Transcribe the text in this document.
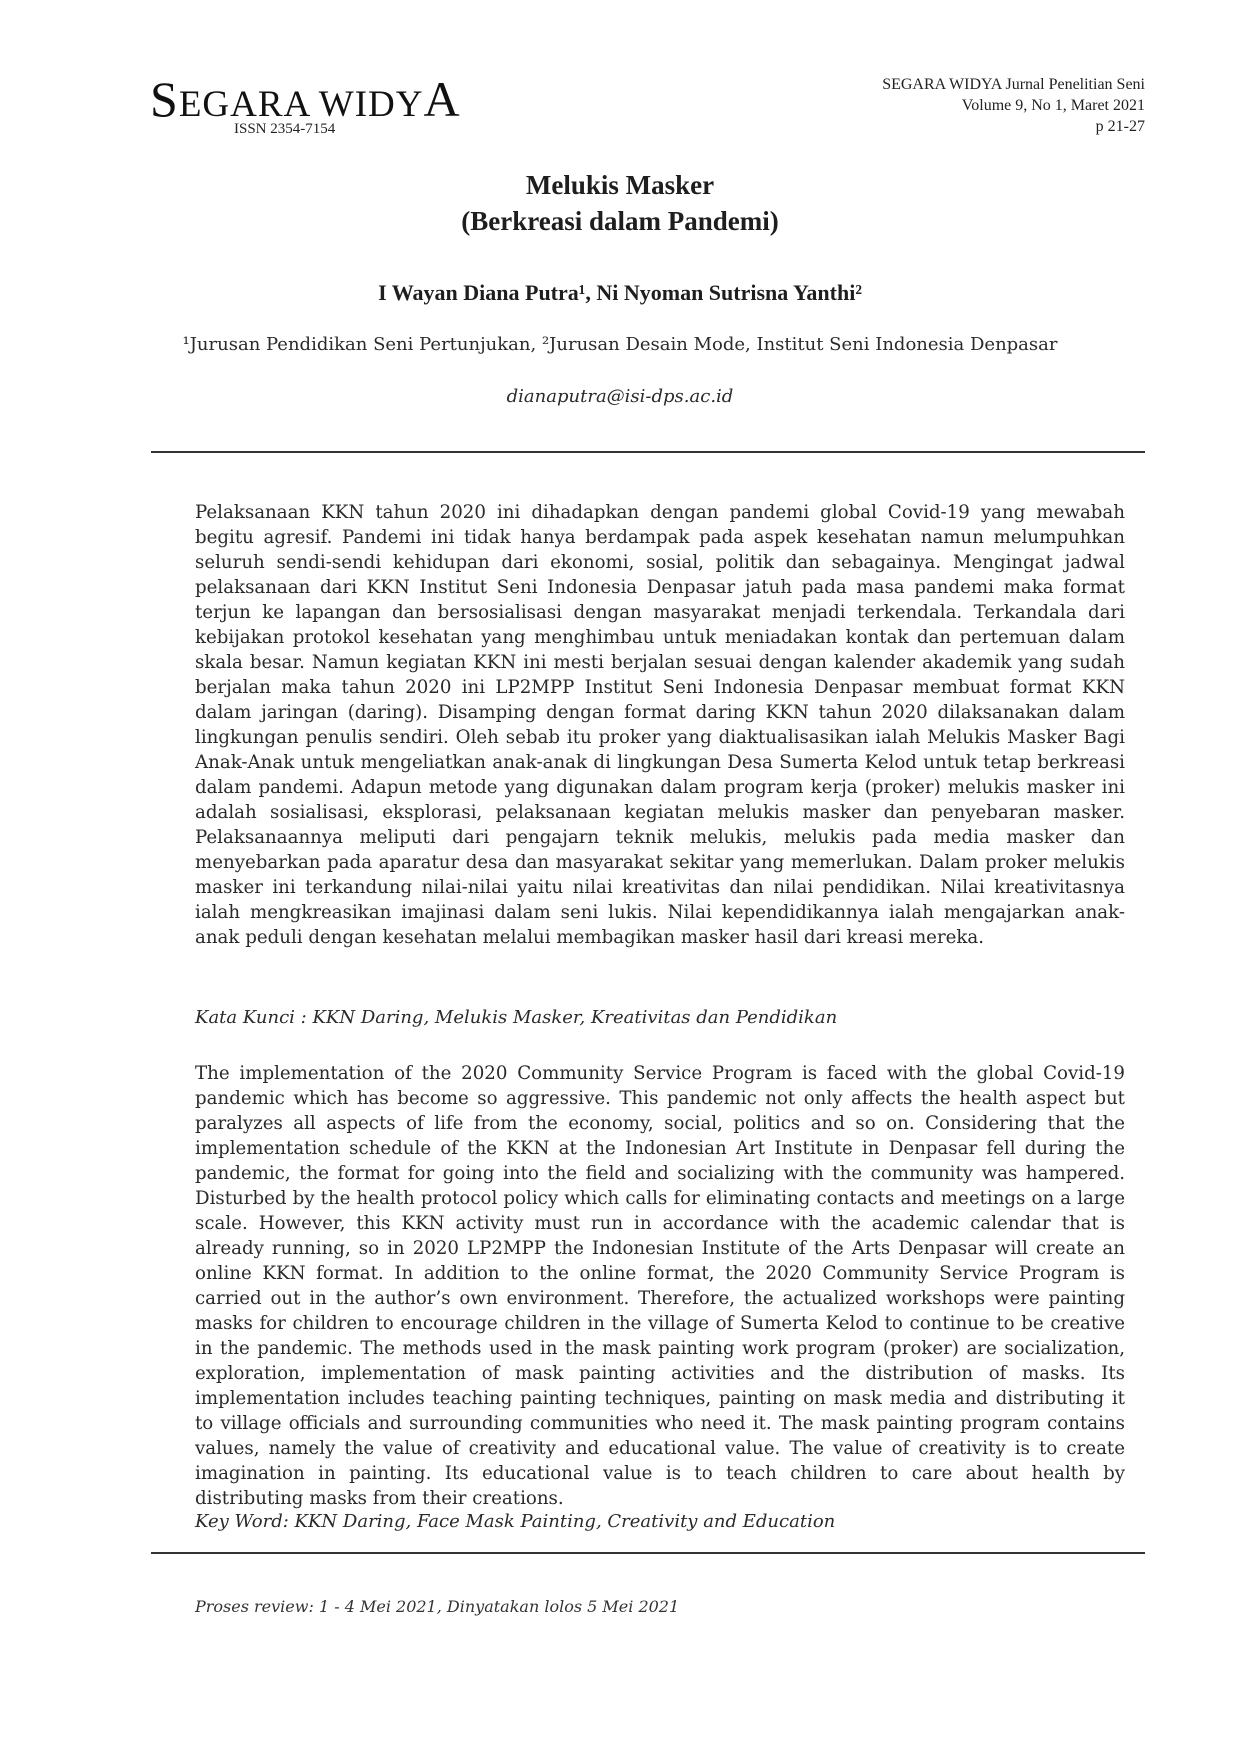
SEGARA WIDYA
ISSN 2354-7154
SEGARA WIDYA Jurnal Penelitian Seni
Volume 9, No 1, Maret 2021
p 21-27
Melukis Masker
(Berkreasi dalam Pandemi)
I Wayan Diana Putra¹, Ni Nyoman Sutrisna Yanthi²
¹Jurusan Pendidikan Seni Pertunjukan, ²Jurusan Desain Mode, Institut Seni Indonesia Denpasar
dianaputra@isi-dps.ac.id

Pelaksanaan KKN tahun 2020 ini dihadapkan dengan pandemi global Covid-19 yang mewabah begitu agresif. Pandemi ini tidak hanya berdampak pada aspek kesehatan namun melumpuhkan seluruh sendi-sendi kehidupan dari ekonomi, sosial, politik dan sebagainya. Mengingat jadwal pelaksanaan dari KKN Institut Seni Indonesia Denpasar jatuh pada masa pandemi maka format terjun ke lapangan dan bersosialisasi dengan masyarakat menjadi terkendala. Terkandala dari kebijakan protokol kesehatan yang menghimbau untuk meniadakan kontak dan pertemuan dalam skala besar. Namun kegiatan KKN ini mesti berjalan sesuai dengan kalender akademik yang sudah berjalan maka tahun 2020 ini LP2MPP Institut Seni Indonesia Denpasar membuat format KKN dalam jaringan (daring). Disamping dengan format daring KKN tahun 2020 dilaksanakan dalam lingkungan penulis sendiri. Oleh sebab itu proker yang diaktualisasikan ialah Melukis Masker Bagi Anak-Anak untuk mengeliatkan anak-anak di lingkungan Desa Sumerta Kelod untuk tetap berkreasi dalam pandemi. Adapun metode yang digunakan dalam program kerja (proker) melukis masker ini adalah sosialisasi, eksplorasi, pelaksanaan kegiatan melukis masker dan penyebaran masker. Pelaksanaannya meliputi dari pengajarn teknik melukis, melukis pada media masker dan menyebarkan pada aparatur desa dan masyarakat sekitar yang memerlukan. Dalam proker melukis masker ini terkandung nilai-nilai yaitu nilai kreativitas dan nilai pendidikan. Nilai kreativitasnya ialah mengkreasikan imajinasi dalam seni lukis. Nilai kependidikannya ialah mengajarkan anak-anak peduli dengan kesehatan melalui membagikan masker hasil dari kreasi mereka.

Kata Kunci : KKN Daring, Melukis Masker, Kreativitas dan Pendidikan

The implementation of the 2020 Community Service Program is faced with the global Covid-19 pandemic which has become so aggressive. This pandemic not only affects the health aspect but paralyzes all aspects of life from the economy, social, politics and so on. Considering that the implementation schedule of the KKN at the Indonesian Art Institute in Denpasar fell during the pandemic, the format for going into the field and socializing with the community was hampered. Disturbed by the health protocol policy which calls for eliminating contacts and meetings on a large scale. However, this KKN activity must run in accordance with the academic calendar that is already running, so in 2020 LP2MPP the Indonesian Institute of the Arts Denpasar will create an online KKN format. In addition to the online format, the 2020 Community Service Program is carried out in the author’s own environment. Therefore, the actualized workshops were painting masks for children to encourage children in the village of Sumerta Kelod to continue to be creative in the pandemic. The methods used in the mask painting work program (proker) are socialization, exploration, implementation of mask painting activities and the distribution of masks. Its implementation includes teaching painting techniques, painting on mask media and distributing it to village officials and surrounding communities who need it. The mask painting program contains values, namely the value of creativity and educational value. The value of creativity is to create imagination in painting. Its educational value is to teach children to care about health by distributing masks from their creations.

Key Word: KKN Daring, Face Mask Painting, Creativity and Education
Proses review: 1 - 4 Mei 2021, Dinyatakan lolos 5 Mei 2021
